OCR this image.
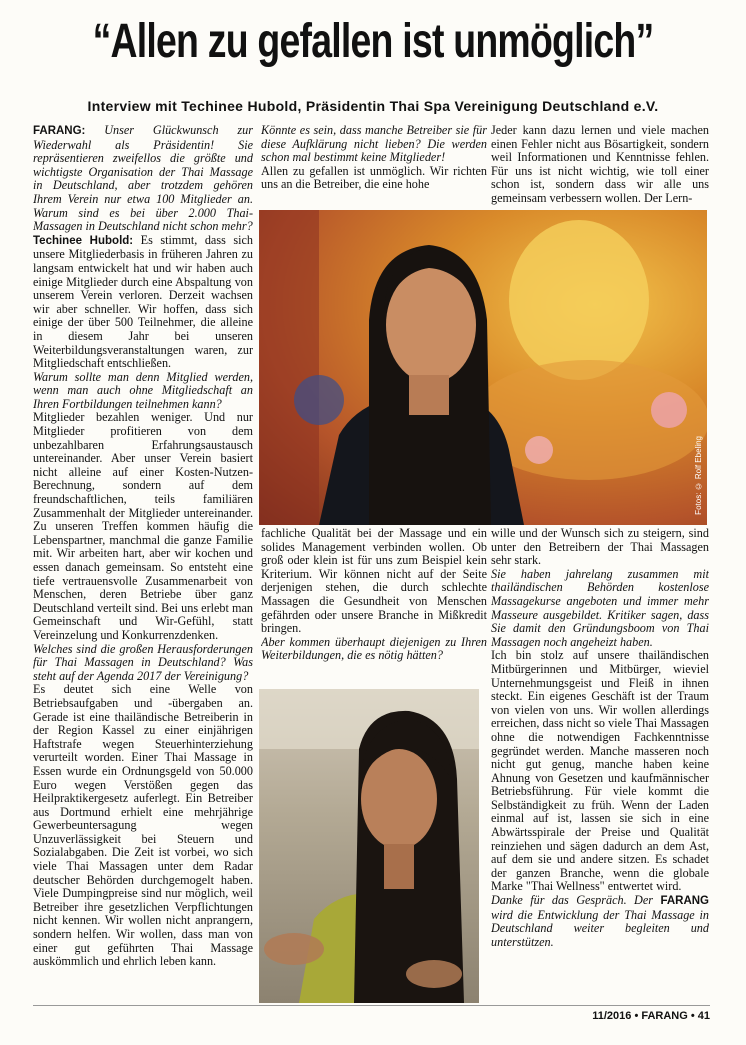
“Allen zu gefallen ist unmöglich”
Interview mit Techinee Hubold, Präsidentin Thai Spa Vereinigung Deutschland e.V.

FARANG: Unser Glückwunsch zur Wiederwahl als Präsidentin! Sie repräsentieren zweifellos die größte und wichtigste Organisation der Thai Massage in Deutschland, aber trotzdem gehören Ihrem Verein nur etwa 100 Mitglieder an. Warum sind es bei über 2.000 Thai-Massagen in Deutschland nicht schon mehr?

Techinee Hubold: Es stimmt, dass sich unsere Mitgliederbasis in früheren Jahren zu langsam entwickelt hat und wir haben auch einige Mitglieder durch eine Abspaltung von unserem Verein verloren. Derzeit wachsen wir aber schneller. Wir hoffen, dass sich einige der über 500 Teilnehmer, die alleine in diesem Jahr bei unseren Weiterbildungsveranstaltungen waren, zur Mitgliedschaft entschließen.

Warum sollte man denn Mitglied werden, wenn man auch ohne Mitgliedschaft an Ihren Fortbildungen teilnehmen kann?

Mitglieder bezahlen weniger. Und nur Mitglieder profitieren von dem unbezahlbaren Erfahrungsaustausch untereinander. Aber unser Verein basiert nicht alleine auf einer Kosten-Nutzen-Berechnung, sondern auf dem freundschaftlichen, teils familiären Zusammenhalt der Mitglieder untereinander. Zu unseren Treffen kommen häufig die Lebenspartner, manchmal die ganze Familie mit. Wir arbeiten hart, aber wir kochen und essen danach gemeinsam. So entsteht eine tiefe vertrauensvolle Zusammenarbeit von Menschen, deren Betriebe über ganz Deutschland verteilt sind. Bei uns erlebt man Gemeinschaft und Wir-Gefühl, statt Vereinzelung und Konkurrenzdenken.

Welches sind die großen Herausforderungen für Thai Massagen in Deutschland? Was steht auf der Agenda 2017 der Vereinigung?

Es deutet sich eine Welle von Betriebsaufgaben und -übergaben an. Gerade ist eine thailändische Betreiberin in der Region Kassel zu einer einjährigen Haftstrafe wegen Steuerhinterziehung verurteilt worden. Einer Thai Massage in Essen wurde ein Ordnungsgeld von 50.000 Euro wegen Verstößen gegen das Heilpraktikergesetz auferlegt. Ein Betreiber aus Dortmund erhielt eine mehrjährige Gewerbeuntersagung wegen Unzuverlässigkeit bei Steuern und Sozialabgaben. Die Zeit ist vorbei, wo sich viele Thai Massagen unter dem Radar deutscher Behörden durchgemogelt haben. Viele Dumpingpreise sind nur möglich, weil Betreiber ihre gesetzlichen Verpflichtungen nicht kennen. Wir wollen nicht anprangern, sondern helfen. Wir wollen, dass man von einer gut geführten Thai Massage auskömmlich und ehrlich leben kann.

Könnte es sein, dass manche Betreiber sie für diese Aufklärung nicht lieben? Die werden schon mal bestimmt keine Mitglieder!

Allen zu gefallen ist unmöglich. Wir richten uns an die Betreiber, die eine hohe

Jeder kann dazu lernen und viele machen einen Fehler nicht aus Bösartigkeit, sondern weil Informationen und Kenntnisse fehlen. Für uns ist nicht wichtig, wie toll einer schon ist, sondern dass wir alle uns gemeinsam verbessern wollen. Der Lern-

Fotos: © Rolf Ebeling

fachliche Qualität bei der Massage und ein solides Management verbinden wollen. Ob groß oder klein ist für uns zum Beispiel kein Kriterium. Wir können nicht auf der Seite derjenigen stehen, die durch schlechte Massagen die Gesundheit von Menschen gefährden oder unsere Branche in Mißkredit bringen.

Aber kommen überhaupt diejenigen zu Ihren Weiterbildungen, die es nötig hätten?

wille und der Wunsch sich zu steigern, sind unter den Betreibern der Thai Massagen sehr stark.

Sie haben jahrelang zusammen mit thailändischen Behörden kostenlose Massagekurse angeboten und immer mehr Masseure ausgebildet. Kritiker sagen, dass Sie damit den Gründungsboom von Thai Massagen noch angeheizt haben.

Ich bin stolz auf unsere thailändischen Mitbürgerinnen und Mitbürger, wieviel Unternehmungsgeist und Fleiß in ihnen steckt. Ein eigenes Geschäft ist der Traum von vielen von uns. Wir wollen allerdings erreichen, dass nicht so viele Thai Massagen ohne die notwendigen Fachkenntnisse gegründet werden. Manche masseren noch nicht gut genug, manche haben keine Ahnung von Gesetzen und kaufmännischer Betriebsführung. Für viele kommt die Selbständigkeit zu früh. Wenn der Laden einmal auf ist, lassen sie sich in eine Abwärtsspirale der Preise und Qualität reinziehen und sägen dadurch an dem Ast, auf dem sie und andere sitzen. Es schadet der ganzen Branche, wenn die globale Marke "Thai Wellness" entwertet wird.

Danke für das Gespräch. Der FARANG wird die Entwicklung der Thai Massage in Deutschland weiter begleiten und unterstützen.

11/2016 • FARANG • 41
